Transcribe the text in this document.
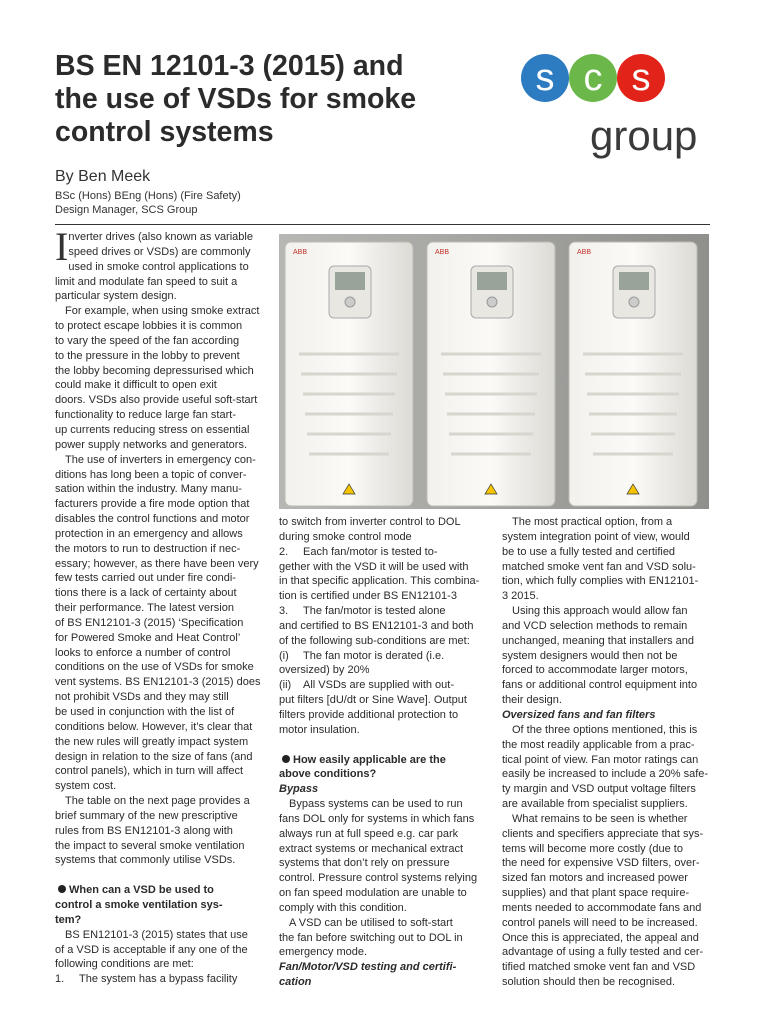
BS EN 12101-3 (2015) and
the use of VSDs for smoke
control systems
s c s
group
By Ben Meek
BSc (Hons) BEng (Hons) (Fire Safety)
Design Manager, SCS Group
ABB	ABB	ABB

I nverter drives (also known as variable

speed drives or VSDs) are commonly

used in smoke control applications to

limit and modulate fan speed to suit a

particular system design.

For example, when using smoke extract

to protect escape lobbies it is common

to vary the speed of the fan according

to the pressure in the lobby to prevent

the lobby becoming depressurised which

could make it difficult to open exit

doors. VSDs also provide useful soft-start

functionality to reduce large fan start-

up currents reducing stress on essential

power supply networks and generators.

The use of inverters in emergency con-

ditions has long been a topic of conver-

sation within the industry. Many manu-

facturers provide a fire mode option that

disables the control functions and motor

protection in an emergency and allows

the motors to run to destruction if nec-

essary; however, as there have been very

few tests carried out under fire condi-

tions there is a lack of certainty about

their performance. The latest version

of BS EN12101-3 (2015) ‘Specification

for Powered Smoke and Heat Control’

looks to enforce a number of control

conditions on the use of VSDs for smoke

vent systems. BS EN12101-3 (2015) does

not prohibit VSDs and they may still

be used in conjunction with the list of

conditions below. However, it’s clear that

the new rules will greatly impact system

design in relation to the size of fans (and

control panels), which in turn will affect

system cost.

The table on the next page provides a

brief summary of the new prescriptive

rules from BS EN12101-3 along with

the impact to several smoke ventilation

systems that commonly utilise VSDs.

When can a VSD be used to

control a smoke ventilation sys-

tem?

BS EN12101-3 (2015) states that use

of a VSD is acceptable if any one of the

following conditions are met:

1.	The system has a bypass facility

to switch from inverter control to DOL

during smoke control mode

2.	Each fan/motor is tested to-

gether with the VSD it will be used with

in that specific application. This combina-

tion is certified under BS EN12101-3

3.	The fan/motor is tested alone

and certified to BS EN12101-3 and both

of the following sub-conditions are met:

(i)	The fan motor is derated (i.e.

oversized) by 20%

(ii)	All VSDs are supplied with out-

put filters [dU/dt or Sine Wave]. Output

filters provide additional protection to

motor insulation.

How easily applicable are the

above conditions?

Bypass

Bypass systems can be used to run

fans DOL only for systems in which fans

always run at full speed e.g. car park

extract systems or mechanical extract

systems that don’t rely on pressure

control. Pressure control systems relying

on fan speed modulation are unable to

comply with this condition.

A VSD can be utilised to soft-start

the fan before switching out to DOL in

emergency mode.

Fan/Motor/VSD testing and certifi-

cation

The most practical option, from a

system integration point of view, would

be to use a fully tested and certified

matched smoke vent fan and VSD solu-

tion, which fully complies with EN12101-

3 2015.

Using this approach would allow fan

and VCD selection methods to remain

unchanged, meaning that installers and

system designers would then not be

forced to accommodate larger motors,

fans or additional control equipment into

their design.

Oversized fans and fan filters

Of the three options mentioned, this is

the most readily applicable from a prac-

tical point of view. Fan motor ratings can

easily be increased to include a 20% safe-

ty margin and VSD output voltage filters

are available from specialist suppliers.

What remains to be seen is whether

clients and specifiers appreciate that sys-

tems will become more costly (due to

the need for expensive VSD filters, over-

sized fan motors and increased power

supplies) and that plant space require-

ments needed to accommodate fans and

control panels will need to be increased.

Once this is appreciated, the appeal and

advantage of using a fully tested and cer-

tified matched smoke vent fan and VSD

solution should then be recognised.
